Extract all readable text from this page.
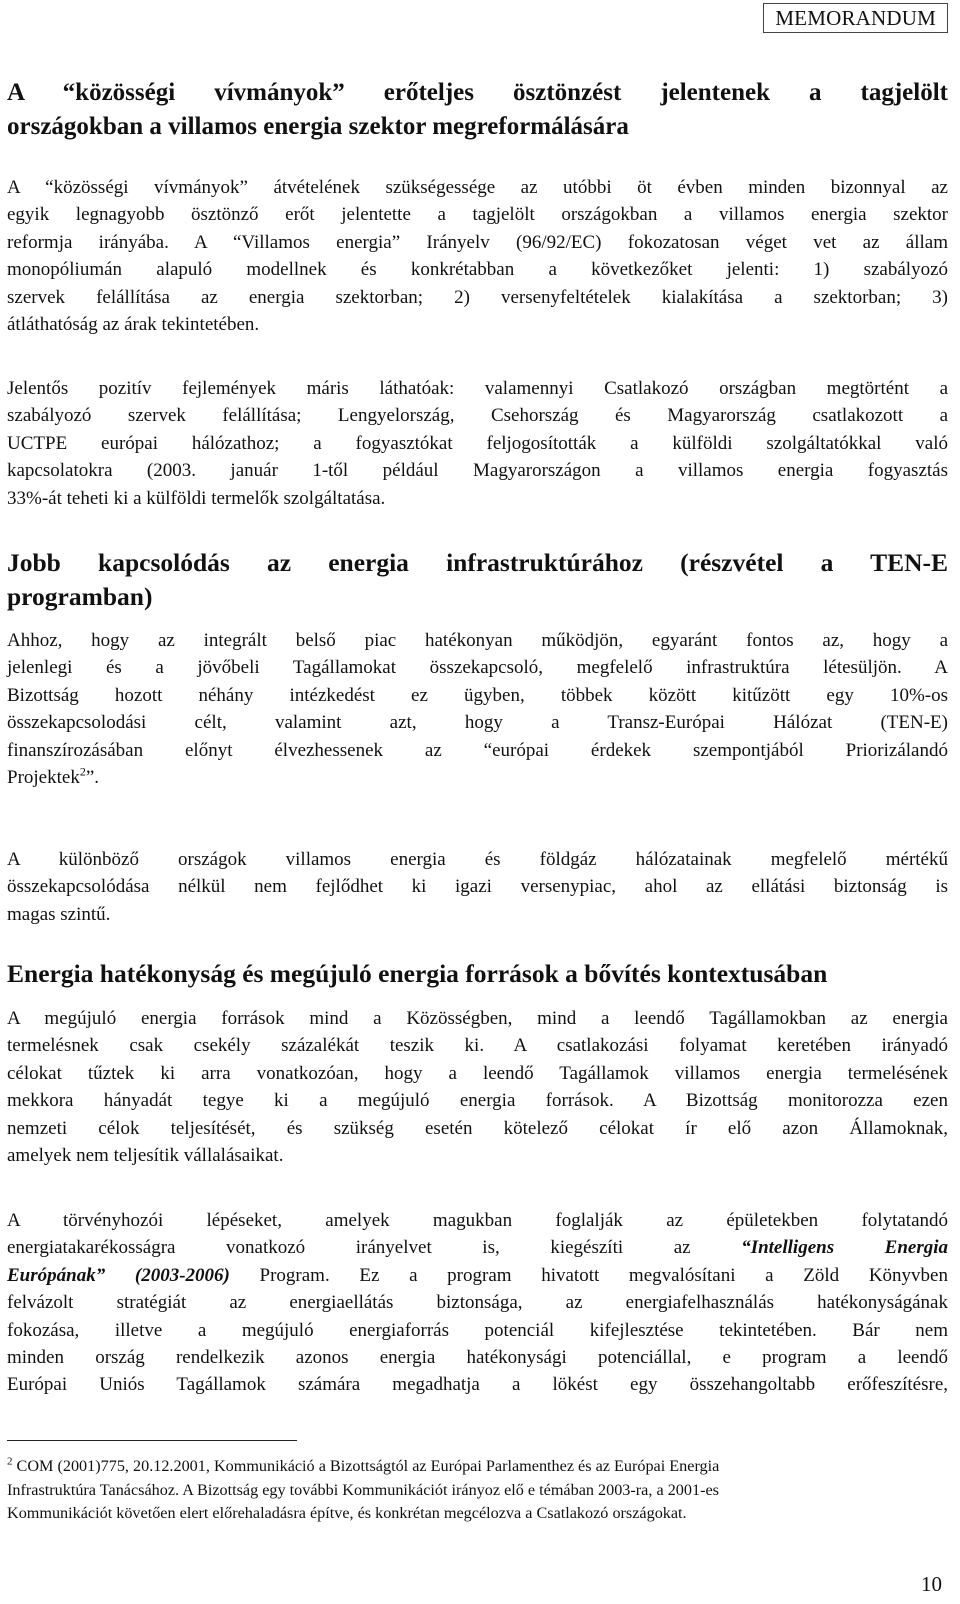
MEMORANDUM
A “közösségi vívmányok” erőteljes ösztönzést jelentenek a tagjelölt
országokban a villamos energia szektor megreformálására

A “közösségi vívmányok” átvételének szükségessége az utóbbi öt évben minden bizonnyal az
egyik legnagyobb ösztönző erőt jelentette a tagjelölt országokban a villamos energia szektor
reformja irányába. A “Villamos energia” Irányelv (96/92/EC) fokozatosan véget vet az állam
monopóliumán alapuló modellnek és konkrétabban a következőket jelenti: 1) szabályozó
szervek felállítása az energia szektorban; 2) versenyfeltételek kialakítása a szektorban; 3)
átláthatóság az árak tekintetében.

Jelentős pozitív fejlemények máris láthatóak: valamennyi Csatlakozó országban megtörtént a
szabályozó szervek felállítása; Lengyelország, Csehország és Magyarország csatlakozott a
UCTPE európai hálózathoz; a fogyasztókat feljogosították a külföldi szolgáltatókkal való
kapcsolatokra (2003. január 1-től például Magyarországon a villamos energia fogyasztás
33%-át teheti ki a külföldi termelők szolgáltatása.

Jobb kapcsolódás az energia infrastruktúrához (részvétel a TEN-E
programban)

Ahhoz, hogy az integrált belső piac hatékonyan működjön, egyaránt fontos az, hogy a
jelenlegi és a jövőbeli Tagállamokat összekapcsoló, megfelelő infrastruktúra létesüljön. A
Bizottság hozott néhány intézkedést ez ügyben, többek között kitűzött egy 10%-os
összekapcsolodási célt, valamint azt, hogy a Transz-Európai Hálózat (TEN-E)
finanszírozásában előnyt élvezhessenek az “európai érdekek szempontjából Priorizálandó
Projektek$^2$”.

A különböző országok villamos energia és földgáz hálózatainak megfelelő mértékű
összekapcsolódása nélkül nem fejlődhet ki igazi versenypiac, ahol az ellátási biztonság is
magas szintű.

Energia hatékonyság és megújuló energia források a bővítés kontextusában

A megújuló energia források mind a Közösségben, mind a leendő Tagállamokban az energia
termelésnek csak csekély százalékát teszik ki. A csatlakozási folyamat keretében irányadó
célokat tűztek ki arra vonatkozóan, hogy a leendő Tagállamok villamos energia termelésének
mekkora hányadát tegye ki a megújuló energia források. A Bizottság monitorozza ezen
nemzeti célok teljesítését, és szükség esetén kötelező célokat ír elő azon Államoknak,
amelyek nem teljesítik vállalásaikat.

A törvényhozói lépéseket, amelyek magukban foglalják az épületekben folytatandó
energiatakarékosságra vonatkozó irányelvet is, kiegészíti az	“Intelligens Energia
Európának” (2003-2006) Program. Ez a program hivatott megvalósítani a Zöld Könyvben
felvázolt stratégiát az energiaellátás biztonsága, az energiafelhasználás hatékonyságának
fokozása, illetve a megújuló energiaforrás potenciál kifejlesztése tekintetében. Bár nem
minden ország rendelkezik azonos energia hatékonysági potenciállal, e program a leendő
Európai Uniós Tagállamok számára megadhatja a lökést egy összehangoltabb erőfeszítésre,

$^2$ COM (2001)775, 20.12.2001, Kommunikáció a Bizottságtól az Európai Parlamenthez és az Európai Energia
Infrastruktúra Tanácsához. A Bizottság egy további Kommunikációt irányoz elő e témában 2003-ra, a 2001-es
Kommunikációt követően elert előrehaladásra építve, és konkrétan megcélozva a Csatlakozó országokat.

10
